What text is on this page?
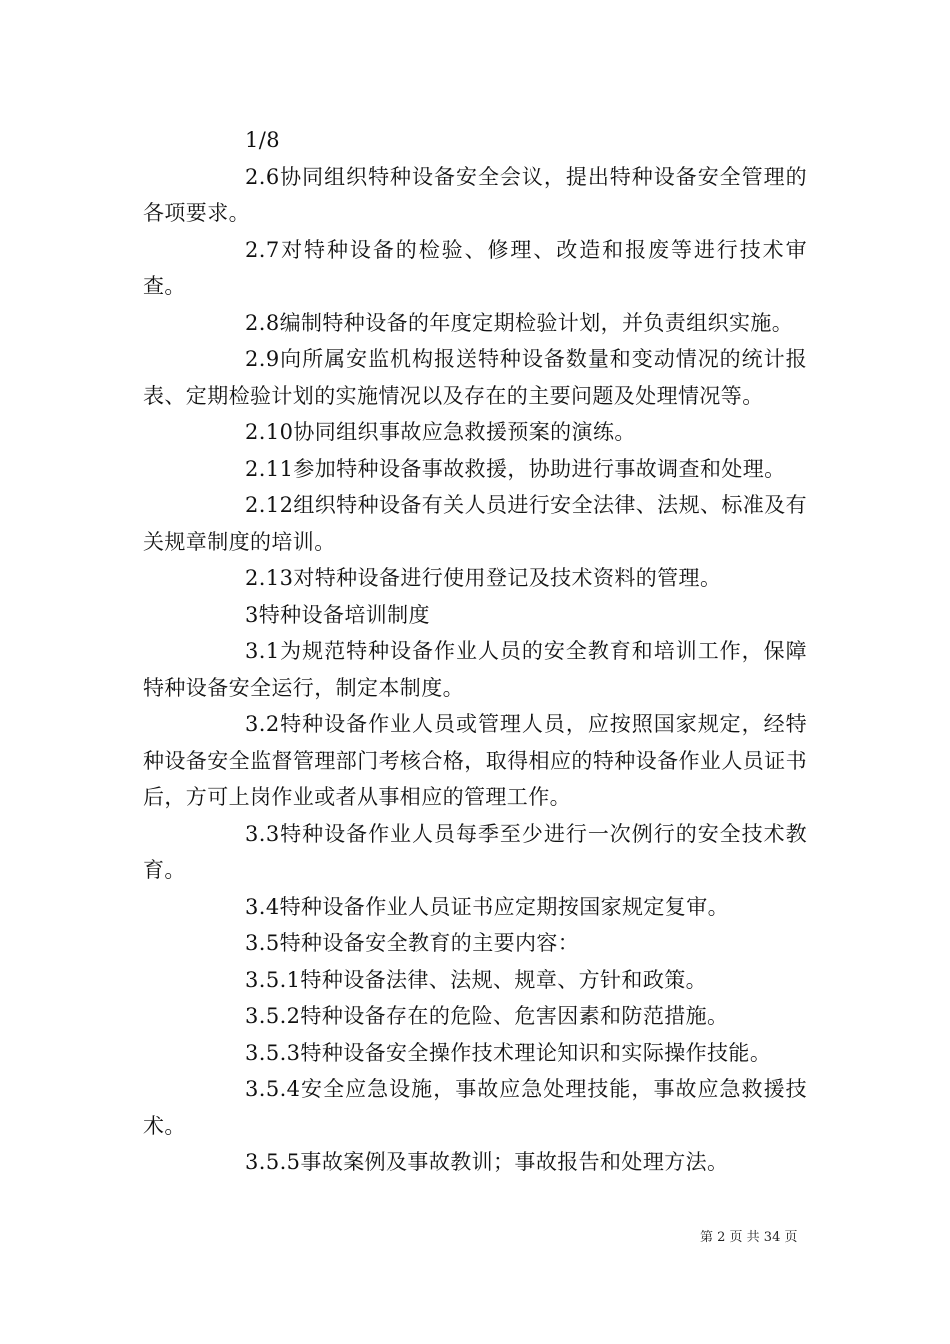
1/8

2.6协同组织特种设备安全会议，提出特种设备安全管理的各项要求。

2.7对特种设备的检验、修理、改造和报废等进行技术审查。

2.8编制特种设备的年度定期检验计划，并负责组织实施。

2.9向所属安监机构报送特种设备数量和变动情况的统计报表、定期检验计划的实施情况以及存在的主要问题及处理情况等。

2.10协同组织事故应急救援预案的演练。

2.11参加特种设备事故救援，协助进行事故调查和处理。

2.12组织特种设备有关人员进行安全法律、法规、标准及有关规章制度的培训。

2.13对特种设备进行使用登记及技术资料的管理。

3特种设备培训制度

3.1为规范特种设备作业人员的安全教育和培训工作，保障特种设备安全运行，制定本制度。

3.2特种设备作业人员或管理人员，应按照国家规定，经特种设备安全监督管理部门考核合格，取得相应的特种设备作业人员证书后，方可上岗作业或者从事相应的管理工作。

3.3特种设备作业人员每季至少进行一次例行的安全技术教育。

3.4特种设备作业人员证书应定期按国家规定复审。

3.5特种设备安全教育的主要内容：

3.5.1特种设备法律、法规、规章、方针和政策。

3.5.2特种设备存在的危险、危害因素和防范措施。

3.5.3特种设备安全操作技术理论知识和实际操作技能。

3.5.4安全应急设施，事故应急处理技能，事故应急救援技术。

3.5.5事故案例及事故教训；事故报告和处理方法。

第 2 页 共 34 页
